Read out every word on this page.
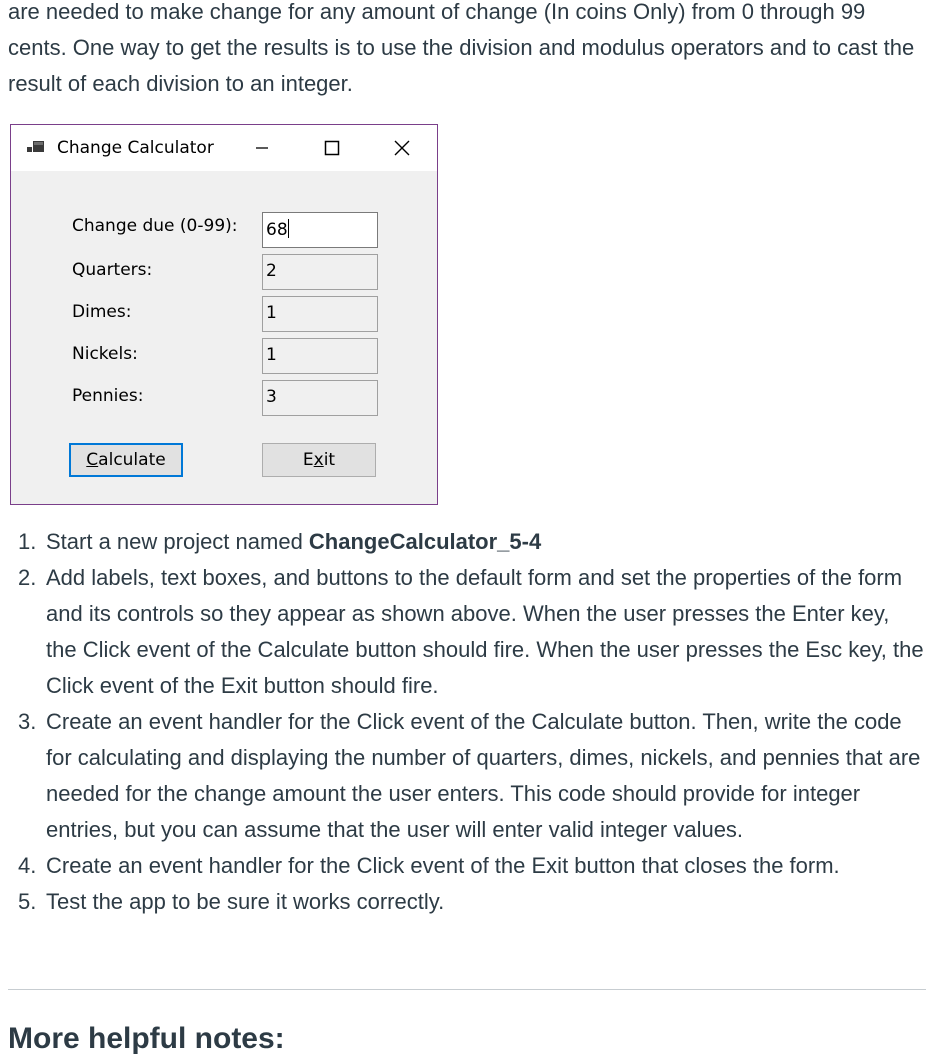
are needed to make change for any amount of change (In coins Only) from 0 through 99 cents. One way to get the results is to use the division and modulus operators and to cast the result of each division to an integer.

Change Calculator
Change due (0-99): 68
Quarters:	2
Dimes:	1
Nickels:	1
Pennies:	3
C alculate	E x it
1. Start a new project named ChangeCalculator_5-4
2. Add labels, text boxes, and buttons to the default form and set the properties of the form and its controls so they appear as shown above. When the user presses the Enter key, the Click event of the Calculate button should fire. When the user presses the Esc key, the Click event of the Exit button should fire.
3. Create an event handler for the Click event of the Calculate button. Then, write the code for calculating and displaying the number of quarters, dimes, nickels, and pennies that are needed for the change amount the user enters. This code should provide for integer entries, but you can assume that the user will enter valid integer values.
4. Create an event handler for the Click event of the Exit button that closes the form.
5. Test the app to be sure it works correctly.
More helpful notes:
